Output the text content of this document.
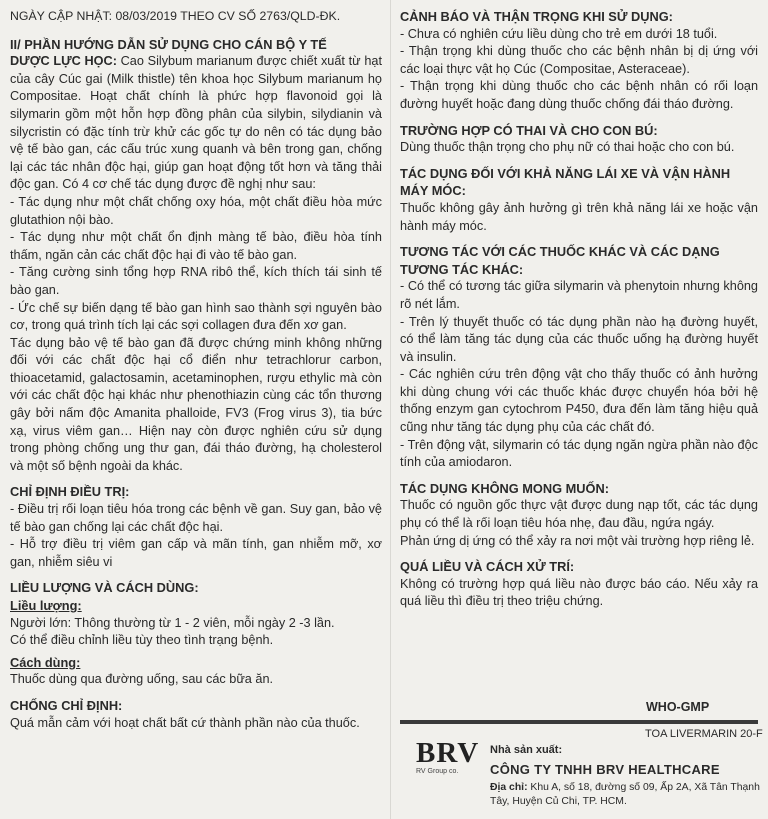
NGÀY CẬP NHẬT: 08/03/2019 THEO CV SỐ 2763/QLD-ĐK.

II/ PHẦN HƯỚNG DẪN SỬ DỤNG CHO CÁN BỘ Y TẾ

DƯỢC LỰC HỌC: Cao Silybum marianum được chiết xuất từ hạt của cây Cúc gai (Milk thistle) tên khoa học Silybum marianum họ Compositae. Hoạt chất chính là phức hợp flavonoid gọi là silymarin gồm một hỗn hợp đồng phân của silybin, silydianin và silycristin có đặc tính trừ khử các gốc tự do nên có tác dụng bảo vệ tế bào gan, các cấu trúc xung quanh và bên trong gan, chống lại các tác nhân độc hại, giúp gan hoạt động tốt hơn và tăng thải độc gan. Có 4 cơ chế tác dụng được đề nghị như sau:

- Tác dụng như một chất chống oxy hóa, một chất điều hòa mức glutathion nội bào.

- Tác dụng như một chất ổn định màng tế bào, điều hòa tính thấm, ngăn cản các chất độc hại đi vào tế bào gan.

- Tăng cường sinh tổng hợp RNA ribô thể, kích thích tái sinh tế bào gan.

- Ức chế sự biến dạng tế bào gan hình sao thành sợi nguyên bào cơ, trong quá trình tích lại các sợi collagen đưa đến xơ gan.

Tác dụng bảo vệ tế bào gan đã được chứng minh không những đối với các chất độc hại cổ điển như tetrachlorur carbon, thioacetamid, galactosamin, acetaminophen, rượu ethylic mà còn với các chất độc hại khác như phenothiazin cùng các tổn thương gây bởi nấm độc Amanita phalloide, FV3 (Frog virus 3), tia bức xạ, virus viêm gan… Hiện nay còn được nghiên cứu sử dụng trong phòng chống ung thư gan, đái tháo đường, hạ cholesterol và một số bệnh ngoài da khác.

CHỈ ĐỊNH ĐIỀU TRỊ:

- Điều trị rối loạn tiêu hóa trong các bệnh về gan. Suy gan, bảo vệ tế bào gan chống lại các chất độc hại.

- Hỗ trợ điều trị viêm gan cấp và mãn tính, gan nhiễm mỡ, xơ gan, nhiễm siêu vi

LIỀU LƯỢNG VÀ CÁCH DÙNG:

Liều lượng:

Người lớn: Thông thường từ 1 - 2 viên, mỗi ngày 2 -3 lần.

Có thể điều chỉnh liều tùy theo tình trạng bệnh.

Cách dùng:

Thuốc dùng qua đường uống, sau các bữa ăn.

CHỐNG CHỈ ĐỊNH:

Quá mẫn cảm với hoạt chất bất cứ thành phần nào của thuốc.

CẢNH BÁO VÀ THẬN TRỌNG KHI SỬ DỤNG:

- Chưa có nghiên cứu liều dùng cho trẻ em dưới 18 tuổi.

- Thận trọng khi dùng thuốc cho các bệnh nhân bị dị ứng với các loại thực vật họ Cúc (Compositae, Asteraceae).

- Thận trọng khi dùng thuốc cho các bệnh nhân có rối loạn đường huyết hoặc đang dùng thuốc chống đái tháo đường.

TRƯỜNG HỢP CÓ THAI VÀ CHO CON BÚ:

Dùng thuốc thận trọng cho phụ nữ có thai hoặc cho con bú.

TÁC DỤNG ĐỐI VỚI KHẢ NĂNG LÁI XE VÀ VẬN HÀNH MÁY MÓC:

Thuốc không gây ảnh hưởng gì trên khả năng lái xe hoặc vận hành máy móc.

TƯƠNG TÁC VỚI CÁC THUỐC KHÁC VÀ CÁC DẠNG TƯƠNG TÁC KHÁC:

- Có thể có tương tác giữa silymarin và phenytoin nhưng không rõ nét lắm.

- Trên lý thuyết thuốc có tác dụng phần nào hạ đường huyết, có thể làm tăng tác dụng của các thuốc uống hạ đường huyết và insulin.

- Các nghiên cứu trên động vật cho thấy thuốc có ảnh hưởng khi dùng chung với các thuốc khác được chuyển hóa bởi hệ thống enzym gan cytochrom P450, đưa đến làm tăng hiệu quả cũng như tăng tác dụng phụ của các chất đó.

- Trên động vật, silymarin có tác dụng ngăn ngừa phần nào độc tính của amiodaron.

TÁC DỤNG KHÔNG MONG MUỐN:

Thuốc có nguồn gốc thực vật được dung nạp tốt, các tác dụng phụ có thể là rối loạn tiêu hóa nhẹ, đau đầu, ngứa ngáy.

Phản ứng dị ứng có thể xảy ra nơi một vài trường hợp riêng lẻ.

QUÁ LIỀU VÀ CÁCH XỬ TRÍ:

Không có trường hợp quá liều nào được báo cáo. Nếu xảy ra quá liều thì điều trị theo triệu chứng.

WHO-GMP
TOA LIVERMARIN 20-F
BRV
RV Group co.
Nhà sản xuất:
CÔNG TY TNHH BRV HEALTHCARE
Địa chỉ: Khu A, số 18, đường số 09, Ấp 2A, Xã Tân Thạnh Tây, Huyện Củ Chi, TP. HCM.
